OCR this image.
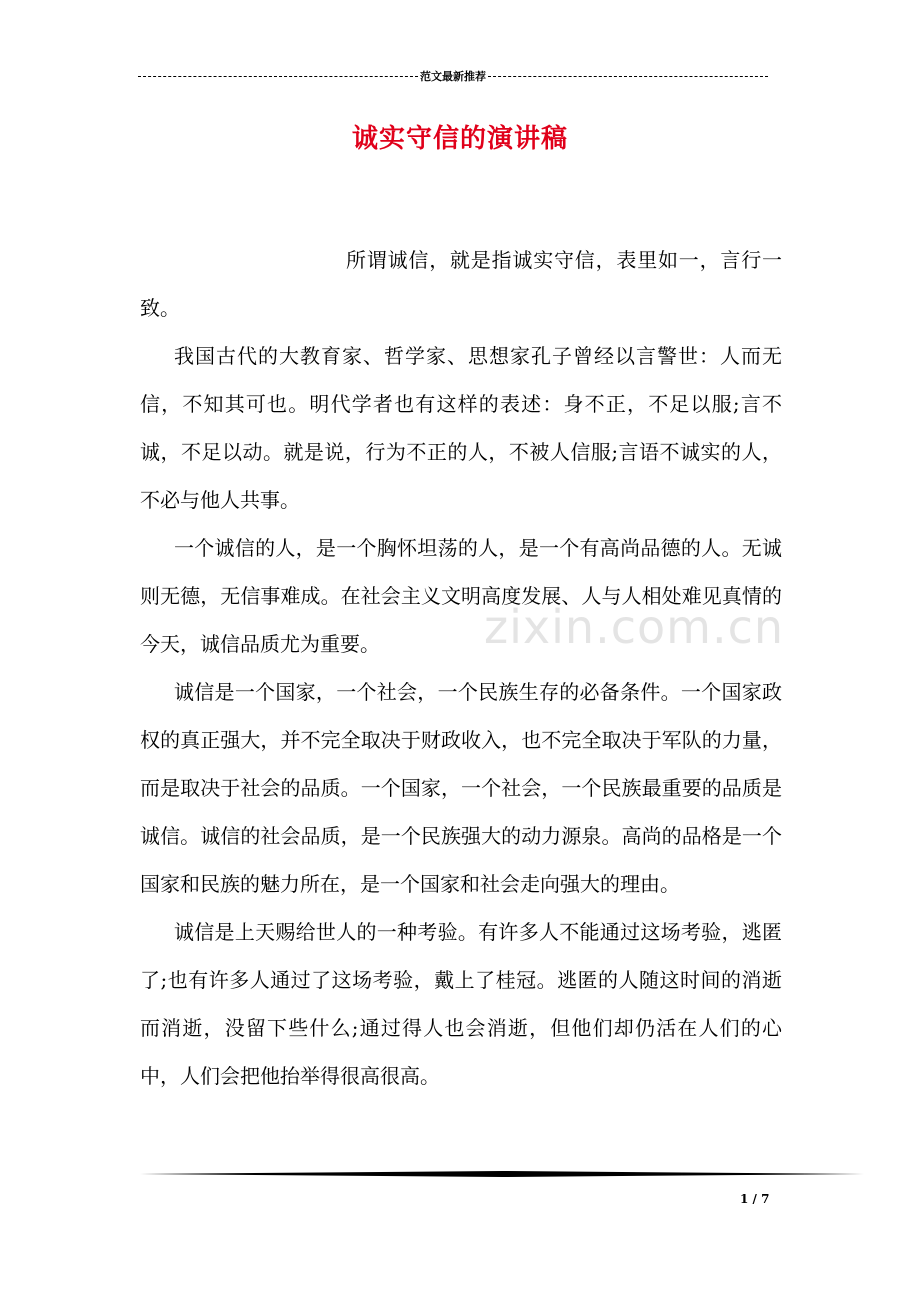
范文最新推荐
诚实守信的演讲稿
zixin.com.cn

所谓诚信，就是指诚实守信，表里如一，言行一致。

我国古代的大教育家、哲学家、思想家孔子曾经以言警世：人而无信，不知其可也。明代学者也有这样的表述：身不正，不足以服;言不诚，不足以动。就是说，行为不正的人，不被人信服;言语不诚实的人，不必与他人共事。

一个诚信的人，是一个胸怀坦荡的人，是一个有高尚品德的人。无诚则无德，无信事难成。在社会主义文明高度发展、人与人相处难见真情的今天，诚信品质尤为重要。

诚信是一个国家，一个社会，一个民族生存的必备条件。一个国家政权的真正强大，并不完全取决于财政收入，也不完全取决于军队的力量，而是取决于社会的品质。一个国家，一个社会，一个民族最重要的品质是诚信。诚信的社会品质，是一个民族强大的动力源泉。高尚的品格是一个国家和民族的魅力所在，是一个国家和社会走向强大的理由。

诚信是上天赐给世人的一种考验。有许多人不能通过这场考验，逃匿了;也有许多人通过了这场考验，戴上了桂冠。逃匿的人随这时间的消逝而消逝，没留下些什么;通过得人也会消逝，但他们却仍活在人们的心中，人们会把他抬举得很高很高。

1 / 7
